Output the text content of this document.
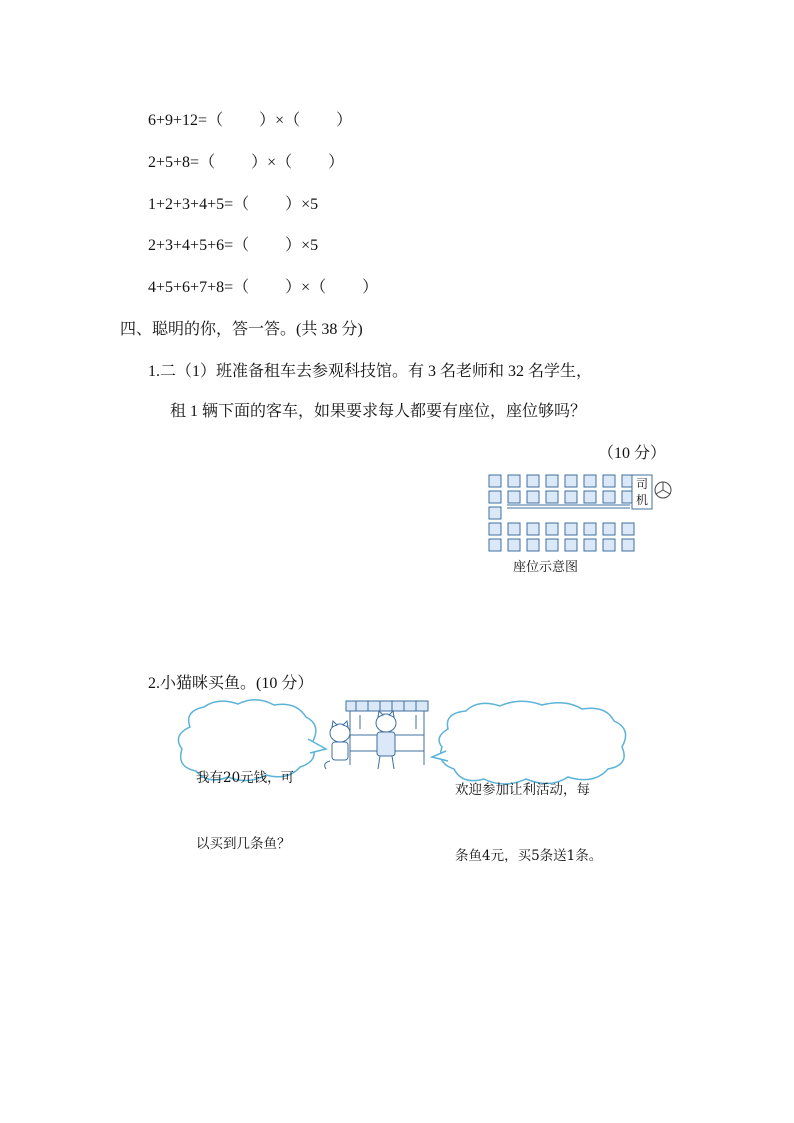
6+9+12=（　　 ）×（　　 ）
2+5+8=（　　 ）×（　　 ）
1+2+3+4+5=（　　 ）×5
2+3+4+5+6=（　　 ）×5
4+5+6+7+8=（　　 ）×（　　 ）
四、聪明的你，答一答。(共 38 分)
1.二（1）班准备租车去参观科技馆。有 3 名老师和 32 名学生，
租 1 辆下面的客车，如果要求每人都要有座位，座位够吗？
（10 分）
司机
座位示意图
2.小猫咪买鱼。(10 分）

我有20元钱，可

以买到几条鱼？

欢迎参加让利活动，每

条鱼4元，买5条送1条。
